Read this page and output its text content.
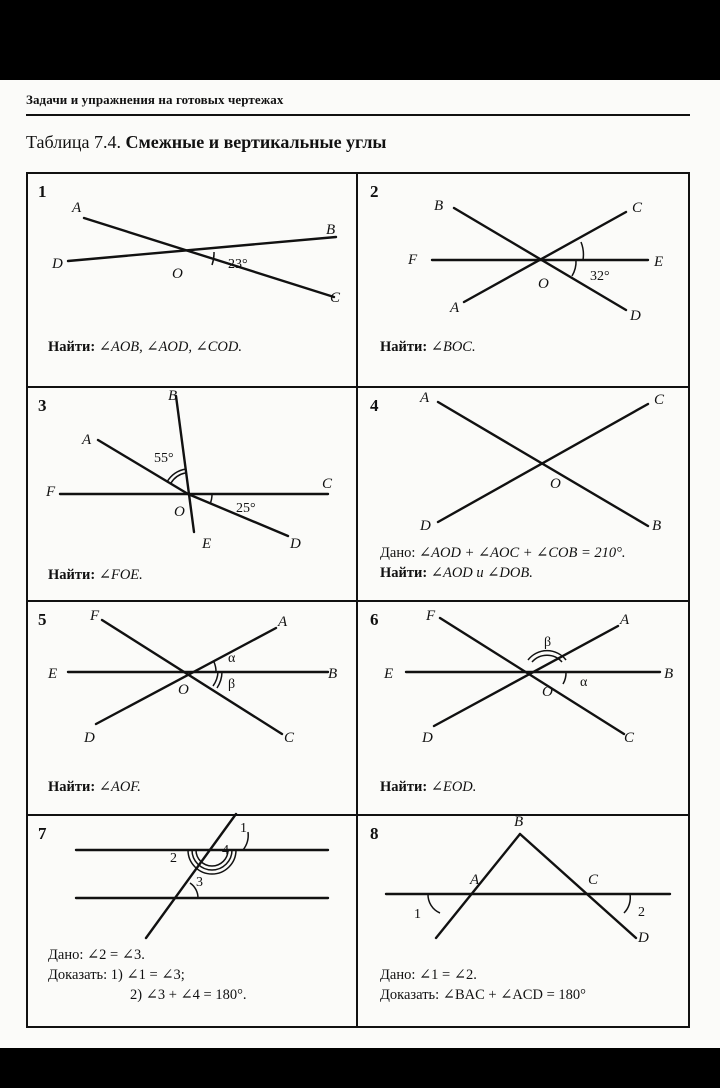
Задачи и упражнения на готовых чертежах
Таблица 7.4. Смежные и вертикальные углы
1
A
B
D
O
C
23°
Найти: ∠AOB, ∠AOD, ∠COD.
2
B	C
F	E
O
A	D
32°
Найти: ∠BOC.
3	B
A
F	C
O
E	D
55°
25°
Найти: ∠FOE.
4	A	C
O
D	B
Дано: ∠AOD + ∠AOC + ∠COB = 210°.
Найти: ∠AOD и ∠DOB.
5	F	A
E	B
O
D	C
α
β
Найти: ∠AOF.
6	F	A
E	B
O
D	C
β
α
Найти: ∠EOD.
7	1
2
3
4
Дано: ∠2 = ∠3.
Доказать: 1) ∠1 = ∠3;
2) ∠3 + ∠4 = 180°.
8
B
A	C
D
1	2
Дано: ∠1 = ∠2.
Доказать: ∠BAC + ∠ACD = 180°
